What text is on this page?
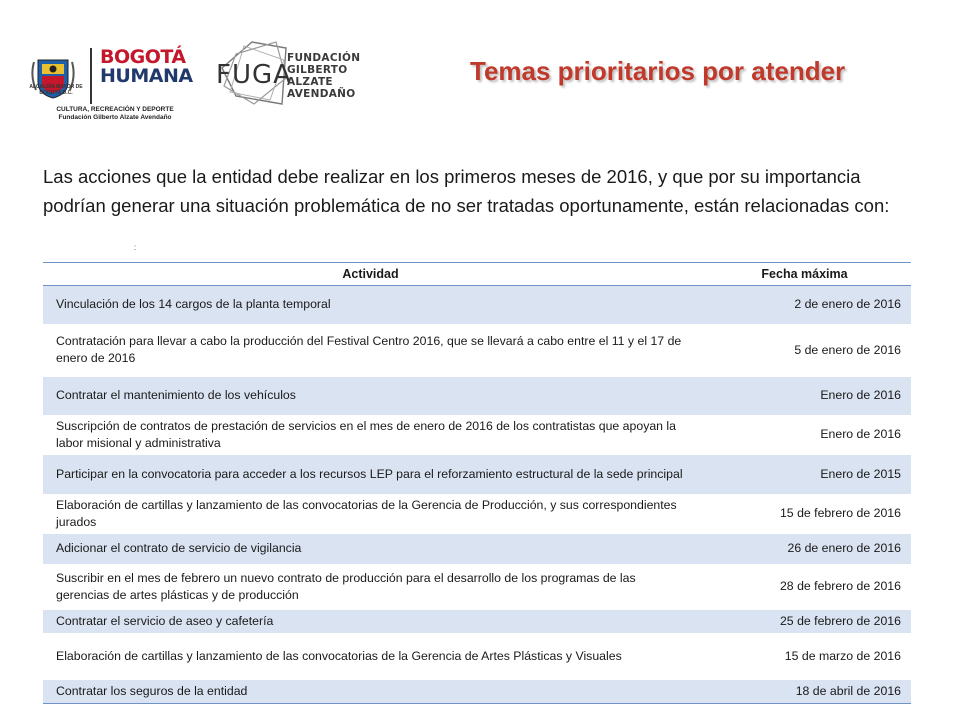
ALCALDÍA MAYOR DE BOGOTÁ D.C.
BOGOTÁ
HUMANA
CULTURA, RECREACIÓN Y DEPORTE
Fundación Gilberto Alzate Avendaño
FUGA
FUNDACIÓN
GILBERTO
ALZATE
AVENDAÑO
Temas prioritarios por atender
Las acciones que la entidad debe realizar en los primeros meses de 2016, y que por su importancia podrían generar una situación problemática de no ser tratadas oportunamente, están relacionadas con:
:
Actividad	Fecha máxima
Vinculación de los 14 cargos de la planta temporal	2 de enero de 2016
Contratación para llevar a cabo la producción del Festival Centro 2016, que se llevará a cabo entre el 11 y el 17 de enero de 2016	5 de enero de 2016
Contratar el mantenimiento de los vehículos	Enero de 2016
Suscripción de contratos de prestación de servicios en el mes de enero de 2016 de los contratistas que apoyan la labor misional y administrativa	Enero de 2016
Participar en la convocatoria para acceder a los recursos LEP para el reforzamiento estructural de la sede principal	Enero de 2015
Elaboración de cartillas y lanzamiento de las convocatorias de la Gerencia de Producción, y sus correspondientes jurados	15 de febrero de 2016
Adicionar el contrato de servicio de vigilancia	26 de enero de 2016
Suscribir en el mes de febrero un nuevo contrato de producción para el desarrollo de los programas de las gerencias de artes plásticas y de producción	28 de febrero de 2016
Contratar el servicio de aseo y cafetería	25 de febrero de 2016
Elaboración de cartillas y lanzamiento de las convocatorias de la Gerencia de Artes Plásticas y Visuales	15 de marzo de 2016
Contratar los seguros de la entidad	18 de abril de 2016
